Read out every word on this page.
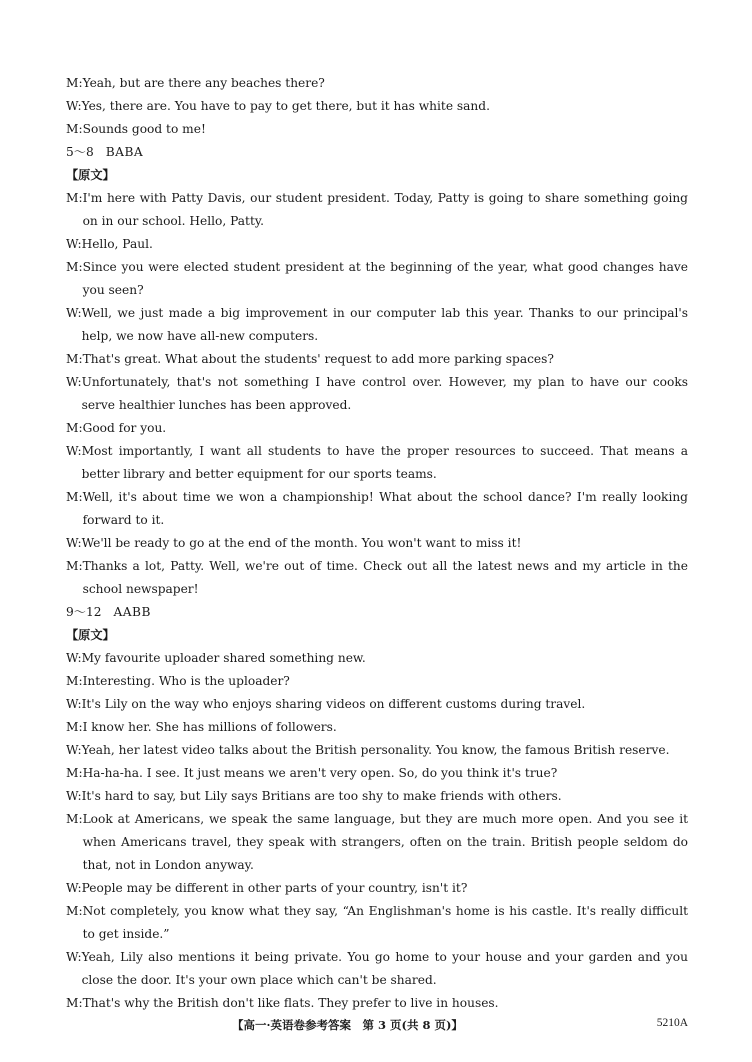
M: Yeah, but are there any beaches there?
W: Yes, there are. You have to pay to get there, but it has white sand.
M: Sounds good to me!
5～8 BABA
【原文】
M: I'm here with Patty Davis, our student president. Today, Patty is going to share something going on in our school. Hello, Patty.
W: Hello, Paul.
M: Since you were elected student president at the beginning of the year, what good changes have you seen?
W: Well, we just made a big improvement in our computer lab this year. Thanks to our principal's help, we now have all-new computers.
M: That's great. What about the students' request to add more parking spaces?
W: Unfortunately, that's not something I have control over. However, my plan to have our cooks serve healthier lunches has been approved.
M: Good for you.
W: Most importantly, I want all students to have the proper resources to succeed. That means a better library and better equipment for our sports teams.
M: Well, it's about time we won a championship! What about the school dance? I'm really looking forward to it.
W: We'll be ready to go at the end of the month. You won't want to miss it!
M: Thanks a lot, Patty. Well, we're out of time. Check out all the latest news and my article in the school newspaper!
9～12 AABB
【原文】
W: My favourite uploader shared something new.
M: Interesting. Who is the uploader?
W: It's Lily on the way who enjoys sharing videos on different customs during travel.
M: I know her. She has millions of followers.
W: Yeah, her latest video talks about the British personality. You know, the famous British reserve.
M: Ha-ha-ha. I see. It just means we aren't very open. So, do you think it's true?
W: It's hard to say, but Lily says Britians are too shy to make friends with others.
M: Look at Americans, we speak the same language, but they are much more open. And you see it when Americans travel, they speak with strangers, often on the train. British people seldom do that, not in London anyway.
W: People may be different in other parts of your country, isn't it?
M: Not completely, you know what they say, “An Englishman's home is his castle. It's really difficult to get inside.”
W: Yeah, Lily also mentions it being private. You go home to your house and your garden and you close the door. It's your own place which can't be shared.
M: That's why the British don't like flats. They prefer to live in houses.
【高一·英语卷参考答案　第 3 页(共 8 页)】	5210A
